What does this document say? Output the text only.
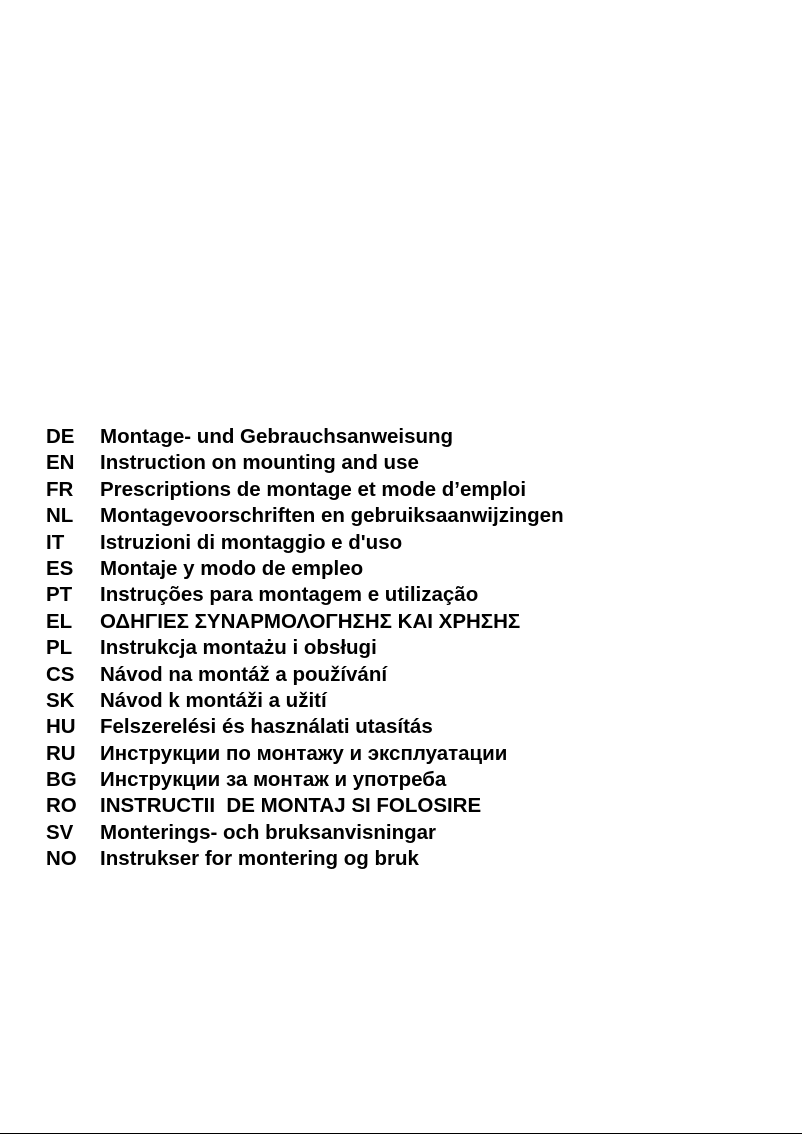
DE	Montage- und Gebrauchsanweisung
EN	Instruction on mounting and use
FR	Prescriptions de montage et mode d’emploi
NL	Montagevoorschriften en gebruiksaanwijzingen
IT	Istruzioni di montaggio e d'uso
ES	Montaje y modo de empleo
PT	Instruções para montagem e utilização
EL	ΟΔΗΓΙΕΣ ΣΥΝΑΡΜΟΛΟΓΗΣΗΣ ΚΑΙ ΧΡΗΣΗΣ
PL	Instrukcja montażu i obsługi
CS	Návod na montáž a používání
SK	Návod k montáži a užití
HU	Felszerelési és használati utasítás
RU	Инструкции по монтажу и эксплуатации
BG	Инструкции за монтаж и употреба
RO	INSTRUCTII  DE MONTAJ SI FOLOSIRE
SV	Monterings- och bruksanvisningar
NO	Instrukser for montering og bruk
